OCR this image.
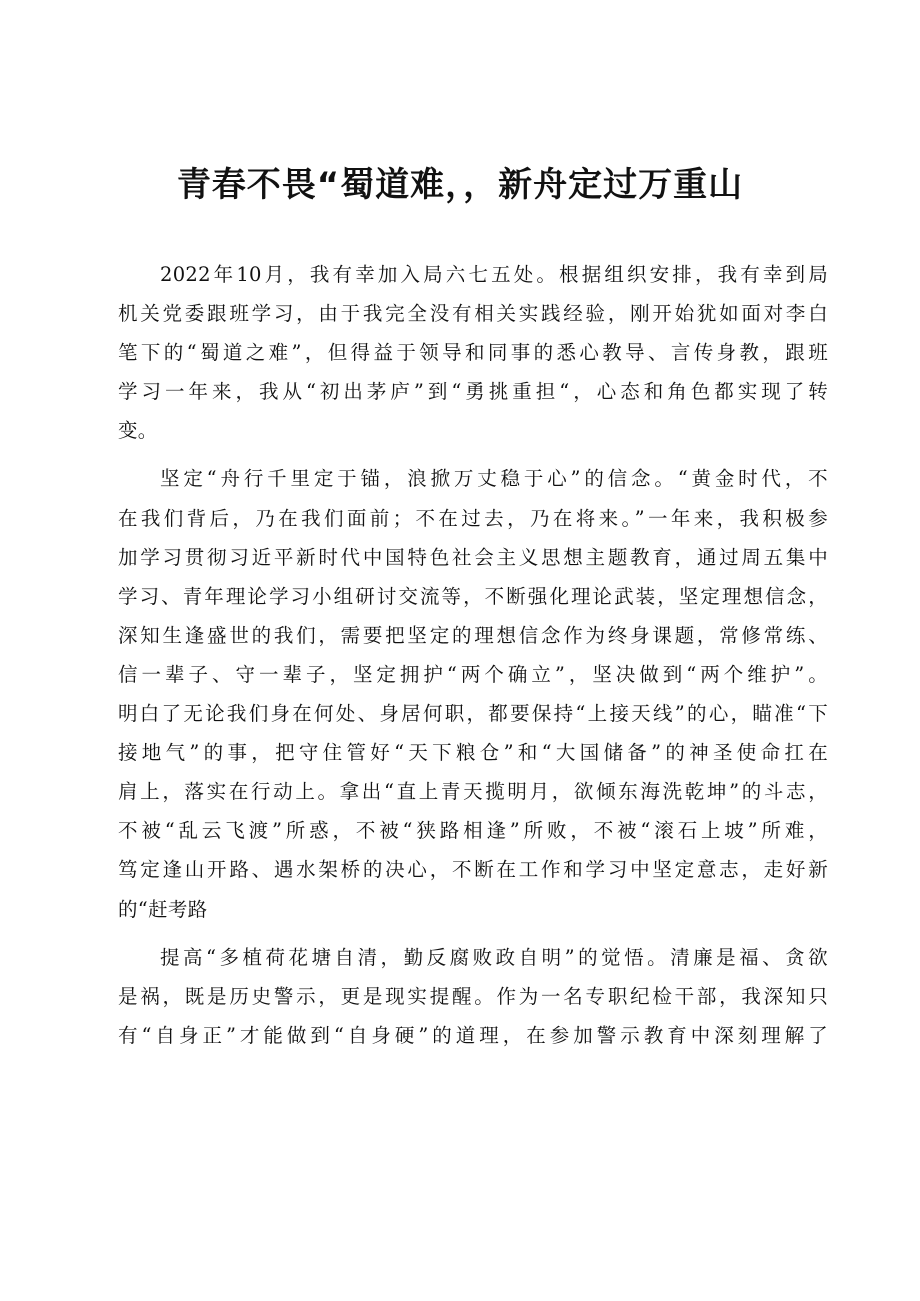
青春不畏“蜀道难，，新舟定过万重山
2022年10月，我有幸加入局六七五处。根据组织安排，我有幸到局
机关党委跟班学习，由于我完全没有相关实践经验，刚开始犹如面对李白
笔下的“蜀道之难”，但得益于领导和同事的悉心教导、言传身教，跟班
学习一年来，我从“初出茅庐”到“勇挑重担“，心态和角色都实现了转
变。
坚定“舟行千里定于锚，浪掀万丈稳于心”的信念。“黄金时代，不
在我们背后，乃在我们面前；不在过去，乃在将来。”一年来，我积极参
加学习贯彻习近平新时代中国特色社会主义思想主题教育，通过周五集中
学习、青年理论学习小组研讨交流等，不断强化理论武装，坚定理想信念，
深知生逢盛世的我们，需要把坚定的理想信念作为终身课题，常修常练、
信一辈子、守一辈子，坚定拥护“两个确立”，坚决做到“两个维护”。
明白了无论我们身在何处、身居何职，都要保持“上接天线”的心，瞄准“下
接地气”的事，把守住管好“天下粮仓”和“大国储备”的神圣使命扛在
肩上，落实在行动上。拿出“直上青天揽明月，欲倾东海洗乾坤”的斗志，
不被“乱云飞渡”所惑，不被“狭路相逢”所败，不被“滚石上坡”所难，
笃定逢山开路、遇水架桥的决心，不断在工作和学习中坚定意志，走好新
的“赶考路
提高“多植荷花塘自清，勤反腐败政自明”的觉悟。清廉是福、贪欲
是祸，既是历史警示，更是现实提醒。作为一名专职纪检干部，我深知只
有“自身正”才能做到“自身硬”的道理，在参加警示教育中深刻理解了
